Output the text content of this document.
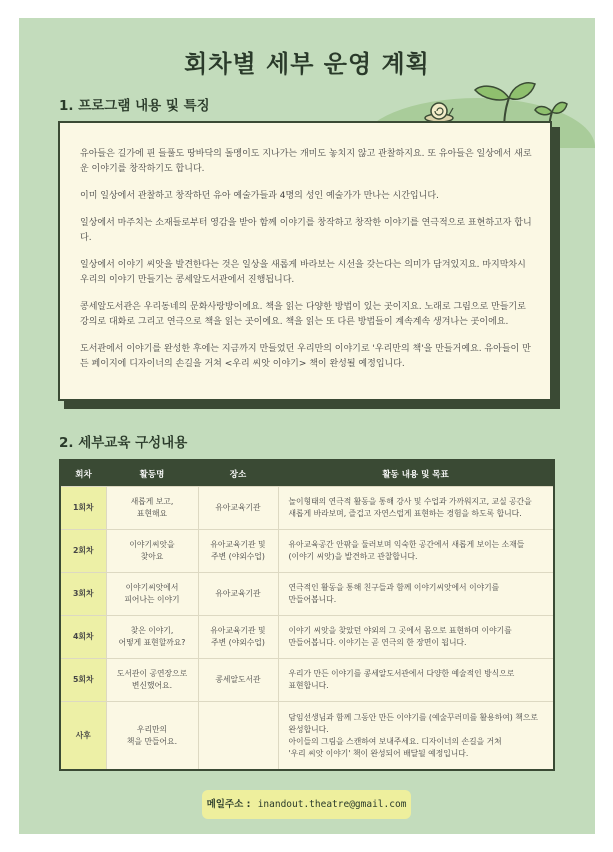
회차별 세부 운영 계획
1. 프로그램 내용 및 특징

유아들은 길가에 핀 들풀도 땅바닥의 돌멩이도 지나가는 개미도 놓치지 않고 관찰하지요. 또 유아들은 일상에서 새로운 이야기를 창작하기도 합니다.

이미 일상에서 관찰하고 창작하던 유아 예술가들과 4명의 성인 예술가가 만나는 시간입니다.

일상에서 마주치는 소재들로부터 영감을 받아 함께 이야기를 창작하고 창작한 이야기를 연극적으로 표현하고자 합니다.

일상에서 이야기 씨앗을 발견한다는 것은 일상을 새롭게 바라보는 시선을 갖는다는 의미가 담겨있지요. 마지막차시 우리의 이야기 만들기는 콩세알도서관에서 진행됩니다.

콩세알도서관은 우리동네의 문화사랑방이에요. 책을 읽는 다양한 방법이 있는 곳이지요. 노래로 그림으로 만들기로 강의로 대화로 그리고 연극으로 책을 읽는 곳이에요. 책을 읽는 또 다른 방법들이 계속계속 생겨나는 곳이에요.

도서관에서 이야기를 완성한 후에는 지금까지 만들었던 우리만의 이야기로 '우리만의 책'을 만들거예요. 유아들이 만든 페이지에 디자이너의 손길을 거쳐 <우리 씨앗 이야기> 책이 완성될 예정입니다.

2. 세부교육 구성내용
회차	활동명	장소	활동 내용 및 목표
1회차	새롭게 보고,
표현해요	유아교육기관	놀이형태의 연극적 활동을 통해 강사 및 수업과 가까워지고, 교실 공간을
새롭게 바라보며, 즐겁고 자연스럽게 표현하는 경험을 하도록 합니다.
2회차	이야기씨앗을
찾아요	유아교육기관 및
주변 (야외수업)	유아교육공간 안팎을 둘러보며 익숙한 공간에서 새롭게 보이는 소재들
(이야기 씨앗)을 발견하고 관찰합니다.
3회차	이야기씨앗에서
피어나는 이야기	유아교육기관	연극적인 활동을 통해 친구들과 함께 이야기씨앗에서 이야기를
만들어봅니다.
4회차	찾은 이야기,
어떻게 표현할까요?	유아교육기관 및
주변 (야외수업)	이야기 씨앗을 찾았던 야외의 그 곳에서 몸으로 표현하며 이야기를
만들어봅니다. 이야기는 곧 연극의 한 장면이 됩니다.
5회차	도서관이 공연장으로
변신했어요.	콩세알도서관	우리가 만든 이야기를 콩세알도서관에서 다양한 예술적인 방식으로
표현합니다.
사후	우리만의
책을 만들어요.		담임선생님과 함께 그동안 만든 이야기를 (예술꾸러미를 활용하여) 책으로
완성합니다.
아이들의 그림을 스캔하여 보내주세요. 디자이너의 손길을 거쳐
'우리 씨앗 이야기' 책이 완성되어 배달될 예정입니다.
메일주소 : inandout.theatre@gmail.com
